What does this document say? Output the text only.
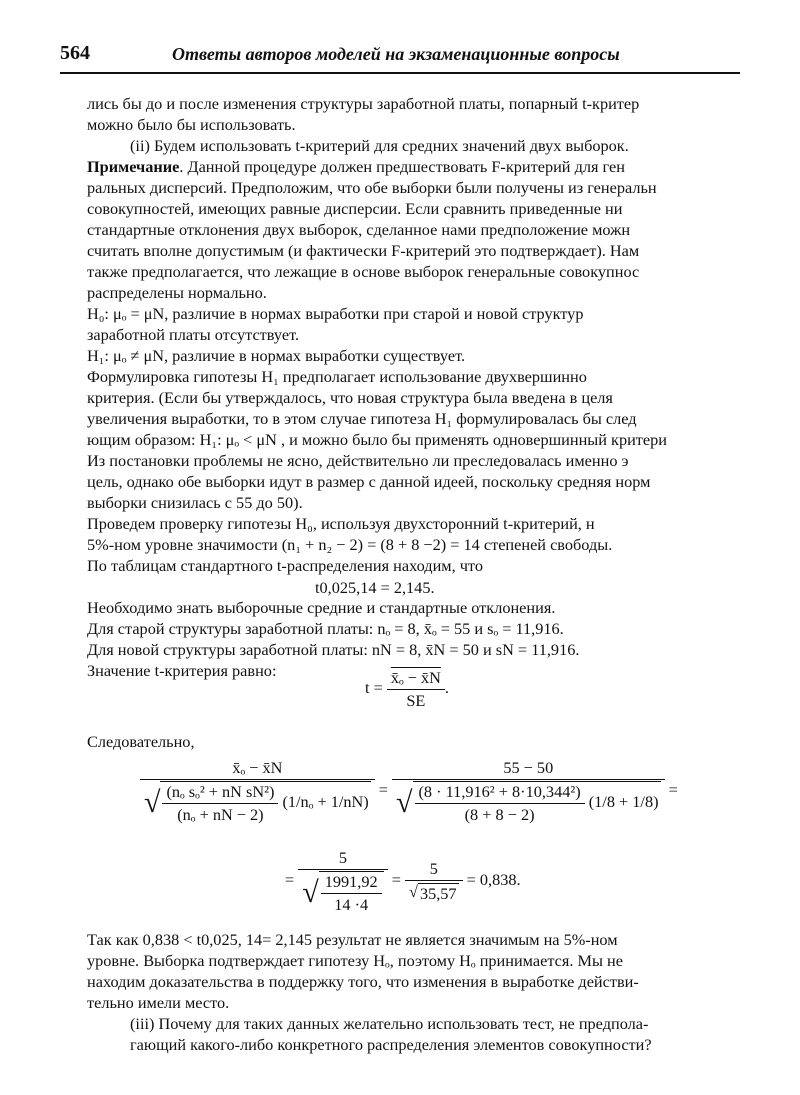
564	Ответы авторов моделей на экзаменационные вопросы
лись бы до и после изменения структуры заработной платы, попарный t-критер
можно было бы использовать.
(ii) Будем использовать t-критерий для средних значений двух выборок.
Примечание. Данной процедуре должен предшествовать F-критерий для ген
ральных дисперсий. Предположим, что обе выборки были получены из генеральн
совокупностей, имеющих равные дисперсии. Если сравнить приведенные ни
стандартные отклонения двух выборок, сделанное нами предположение можн
считать вполне допустимым (и фактически F-критерий это подтверждает). Нам
также предполагается, что лежащие в основе выборок генеральные совокупнос
распределены нормально.
H₀: μₒ = μN, различие в нормах выработки при старой и новой структур
заработной платы отсутствует.
H₁: μₒ ≠ μN, различие в нормах выработки существует.
Формулировка гипотезы H₁ предполагает использование двухвершинно
критерия. (Если бы утверждалось, что новая структура была введена в целя
увеличения выработки, то в этом случае гипотеза H₁ формулировалась бы след
ющим образом: H₁: μₒ < μN , и можно было бы применять одновершинный критери
Из постановки проблемы не ясно, действительно ли преследовалась именно э
цель, однако обе выборки идут в размер с данной идеей, поскольку средняя норм
выборки снизилась с 55 до 50).
Проведем проверку гипотезы H₀, используя двухсторонний t-критерий, н
5%-ном уровне значимости (n₁ + n₂ − 2) = (8 + 8 −2) = 14 степеней свободы.
По таблицам стандартного t-распределения находим, что
t0,025,14 = 2,145.
Необходимо знать выборочные средние и стандартные отклонения.
Для старой структуры заработной платы: nₒ = 8, x̄ₒ = 55 и sₒ = 11,916.
Для новой структуры заработной платы: nN = 8, x̄N = 50 и sN = 11,916.
Значение t-критерия равно:
$t = \frac{\text{x̄ₒ − x̄N}}{SE}$ .
Следовательно,
$\frac{\text{x̄ₒ − x̄N}}{√ \frac{\text{(nₒ sₒ² + nN sN²)}}{\text{(nₒ + nN − 2)}} (1/n_o + 1/nN)} = \frac{55 - 50}{√ \frac{\text{(8 · 11,916² + 8·10,344²)}}{(8 + 8 - 2)} (1/8 + 1/8)}$ =
= $\frac{5}{√ \frac{1991,92}{14 \cdot 4}} = \frac{5}{√ 35,57} = 0,838$.
Так как 0,838 < t0,025, 14= 2,145 результат не является значимым на 5%-ном
уровне. Выборка подтверждает гипотезу Hₒ, поэтому Hₒ принимается. Мы не
находим доказательства в поддержку того, что изменения в выработке действи-
тельно имели место.
(iii) Почему для таких данных желательно использовать тест, не предпола-
гающий какого-либо конкретного распределения элементов совокупности?
